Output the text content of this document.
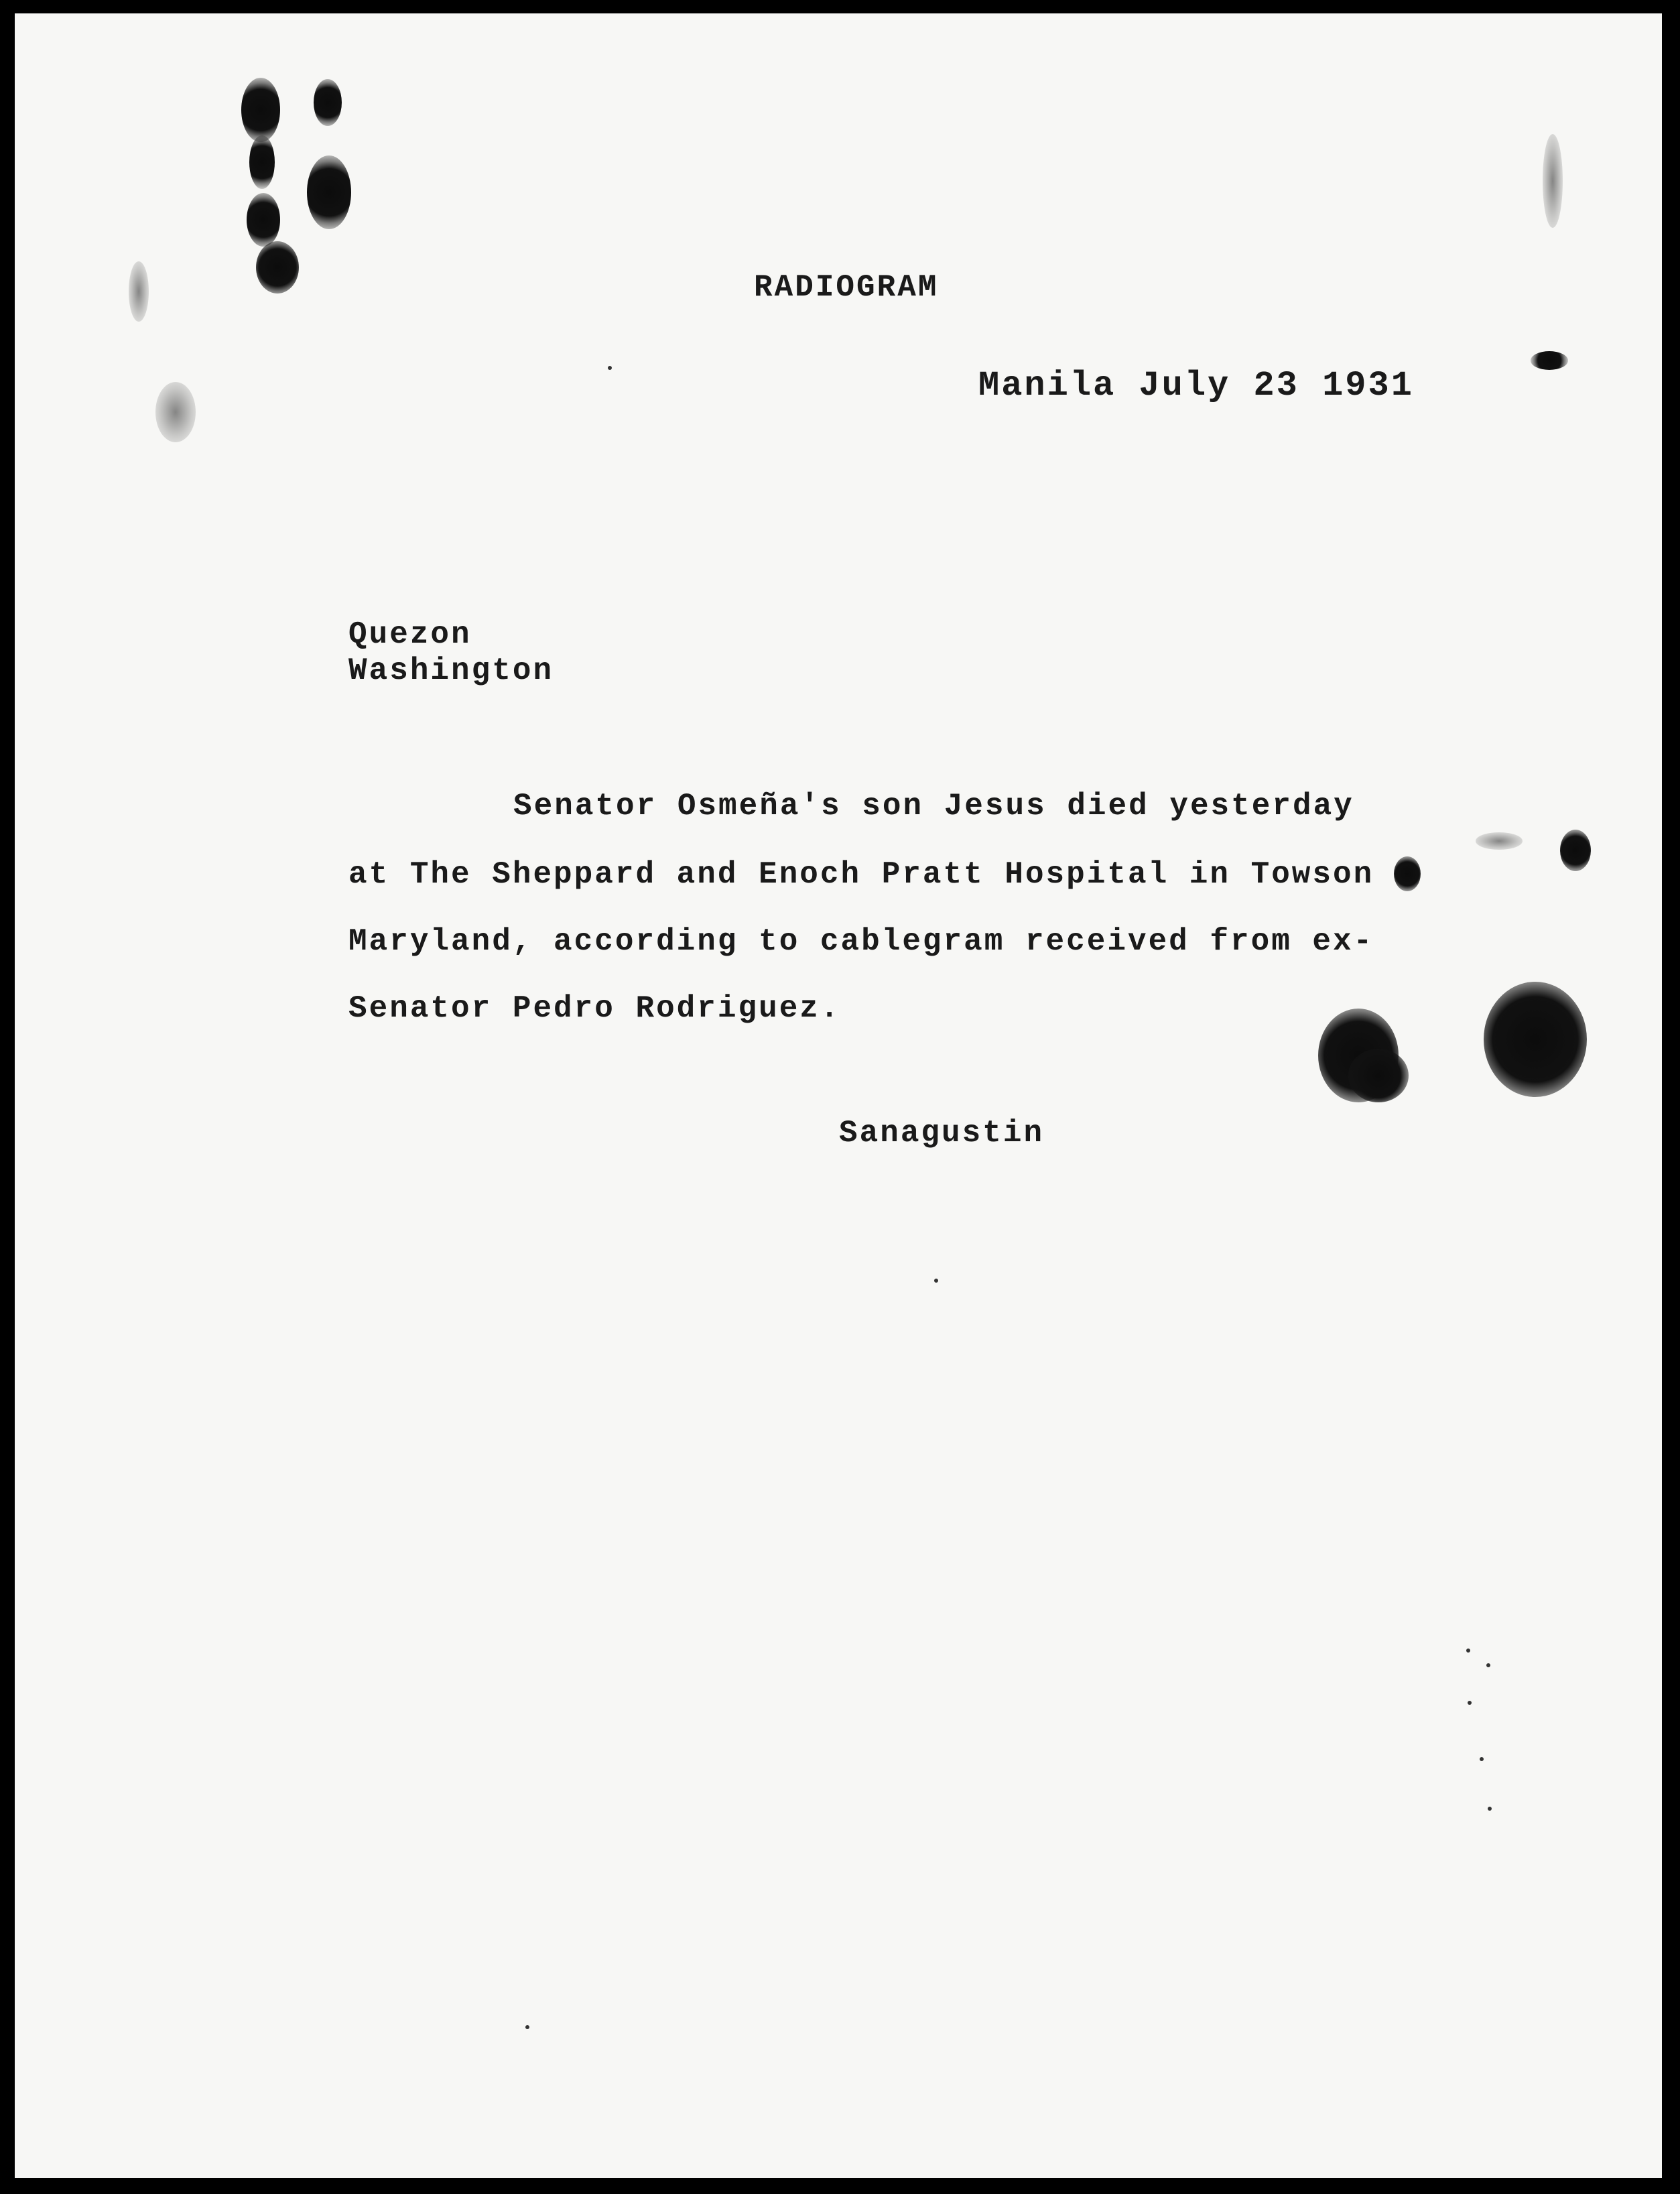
RADIOGRAM
Manila July 23 1931
Quezon
Washington
Senator Osmeña's son Jesus died yesterday
at The Sheppard and Enoch Pratt Hospital in Towson
Maryland, according to cablegram received from ex-
Senator Pedro Rodriguez.
Sanagustin
